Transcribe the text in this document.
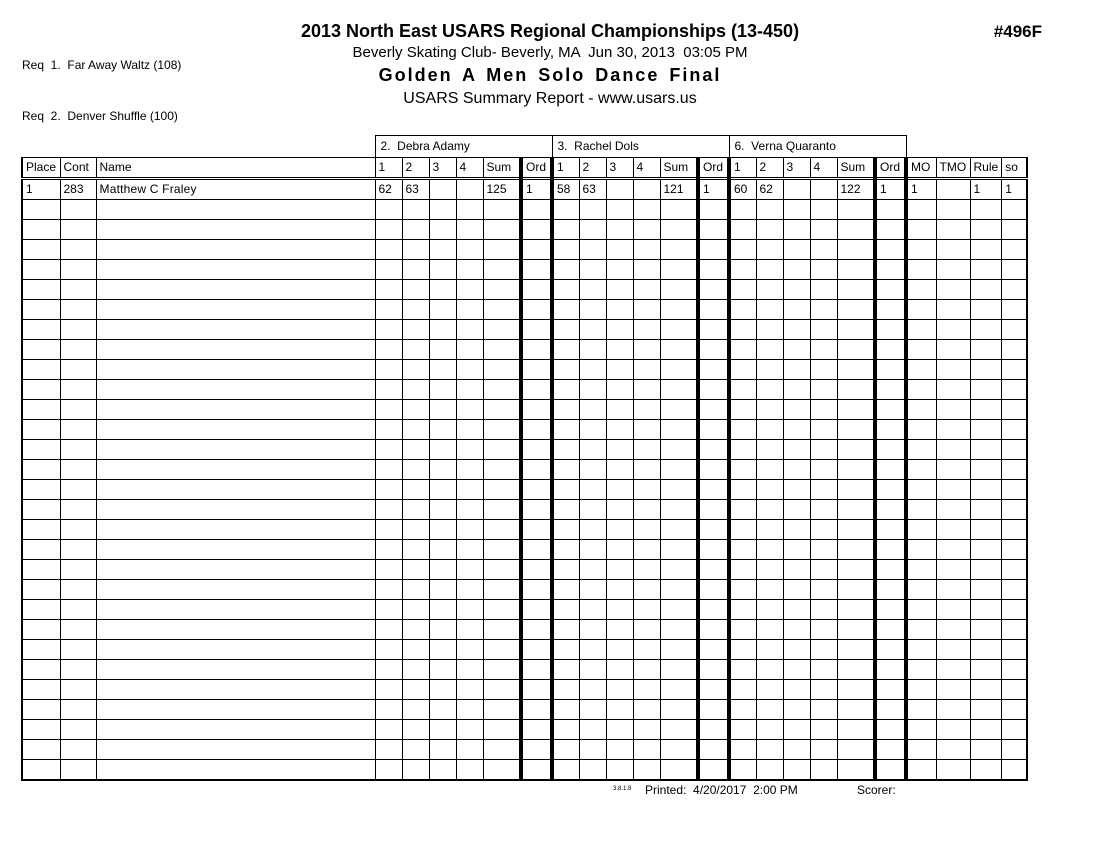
Req  1.  Far Away Waltz (108)

Req  2.  Denver Shuffle (100)

#496F
2013 North East USARS Regional Championships (13-450)
Beverly Skating Club- Beverly, MA  Jun 30, 2013  03:05 PM
Golden A Men Solo Dance Final
USARS Summary Report - www.usars.us
			2.  Debra Adamy						3.  Rachel Dols						6.  Verna Quaranto									
Place	Cont	Name	1	2	3	4	Sum	Ord	1	2	3	4	Sum	Ord	1	2	3	4	Sum	Ord	MO	TMO	Rule	so
1	283	Matthew C Fraley	62	63			125	1	58	63			121	1	60	62			122	1	1		1	1

3.8.1.8 Printed:  4/20/2017  2:00 PM	Scorer:
